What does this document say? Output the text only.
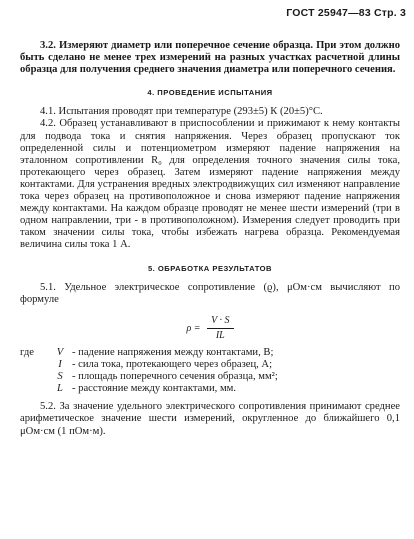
ГОСТ 25947—83 Стр. 3

3.2. Измеряют диаметр или поперечное сечение образца. При этом должно быть сделано не менее трех измерений на разных участках расчетной длины образца для получения среднего значения диаметра или поперечного сечения.

4. ПРОВЕДЕНИЕ ИСПЫТАНИЯ

4.1. Испытания проводят при температуре (293±5) К (20±5)°С.

4.2. Образец устанавливают в приспособлении и прижимают к нему контакты для подвода тока и снятия напряжения. Через образец пропускают ток определенной силы и потенциометром измеряют падение напряжения на эталонном сопротивлении R₀ для определения точного значения силы тока, протекающего через образец. Затем измеряют падение напряжения между контактами. Для устранения вредных электродвижущих сил изменяют направление тока через образец на противоположное и снова измеряют падение напряжения между контактами. На каждом образце проводят не менее шести измерений (три в одном направлении, три - в противоположном). Измерения следует проводить при таком значении силы тока, чтобы избежать нагрева образца. Рекомендуемая величина силы тока 1 А.

5. ОБРАБОТКА РЕЗУЛЬТАТОВ

5.1. Удельное электрическое сопротивление (ϱ), μОм·см вычисляют по формуле

$\rho = \frac{V \cdot S}{IL}$
где	V - падение напряжения между контактами, В;
I - сила тока, протекающего через образец, А;
S - площадь поперечного сечения образца, мм²;
L - расстояние между контактами, мм.

5.2. За значение удельного электрического сопротивления принимают среднее арифметическое значение шести измерений, округленное до ближайшего 0,1 μОм·см (1 пОм·м).
